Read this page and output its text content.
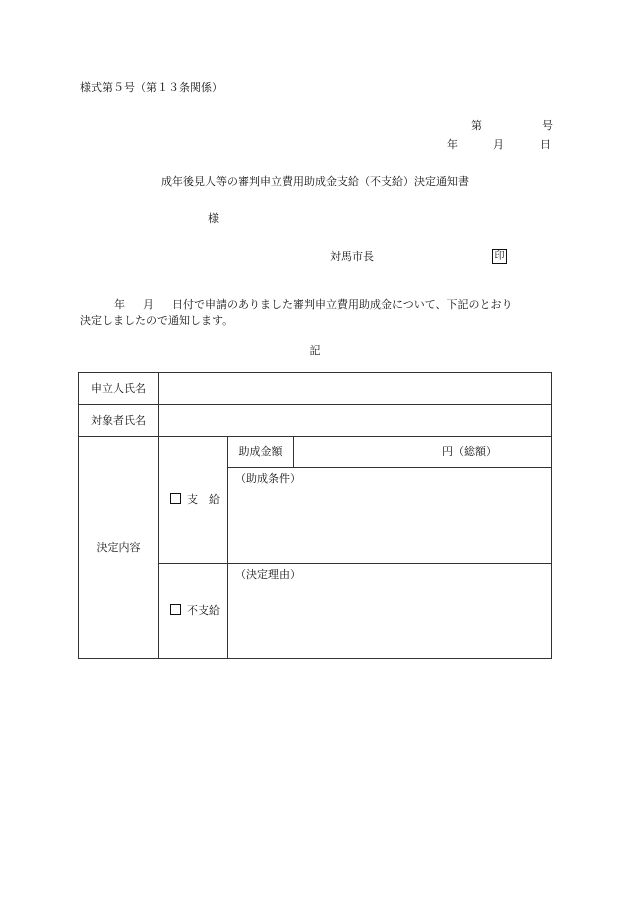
様式第５号（第１３条関係）
第	号
年	月	日
成年後見人等の審判申立費用助成金支給（不支給）決定通知書
様
対馬市長	印
年 月 日付で申請のありました審判申立費用助成金について、下記のとおり
決定しましたので通知します。
記
申立人氏名			
対象者氏名			
決定内容	支　給	助成金額	円（総額）
		（助成条件）	
	不支給	（決定理由）	
